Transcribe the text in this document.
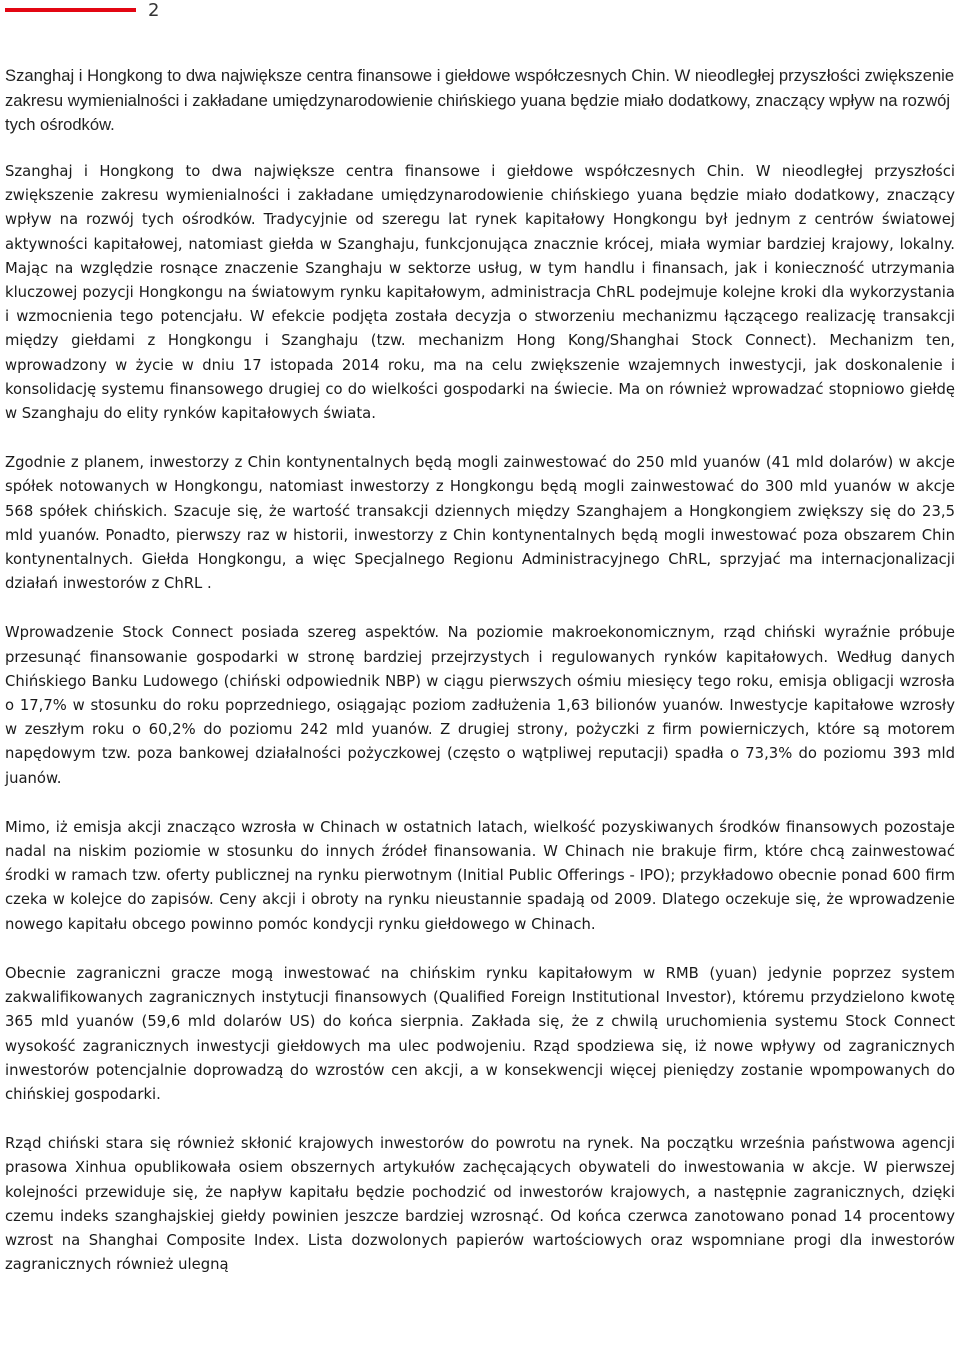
2

Szanghaj i Hongkong to dwa największe centra finansowe i giełdowe współczesnych Chin. W nieodległej przyszłości zwiększenie zakresu wymienialności i zakładane umiędzynarodowienie chińskiego yuana będzie miało dodatkowy, znaczący wpływ na rozwój tych ośrodków.

Szanghaj i Hongkong to dwa największe centra finansowe i giełdowe współczesnych Chin. W nieodległej przyszłości zwiększenie zakresu wymienialności i zakładane umiędzynarodowienie chińskiego yuana będzie miało dodatkowy, znaczący wpływ na rozwój tych ośrodków. Tradycyjnie od szeregu lat rynek kapitałowy Hongkongu był jednym z centrów światowej aktywności kapitałowej, natomiast giełda w Szanghaju, funkcjonująca znacznie krócej, miała wymiar bardziej krajowy, lokalny. Mając na względzie rosnące znaczenie Szanghaju w sektorze usług, w tym handlu i finansach, jak i konieczność utrzymania kluczowej pozycji Hongkongu na światowym rynku kapitałowym, administracja ChRL podejmuje kolejne kroki dla wykorzystania i wzmocnienia tego potencjału. W efekcie podjęta została decyzja o stworzeniu mechanizmu łączącego realizację transakcji między giełdami z Hongkongu i Szanghaju (tzw. mechanizm Hong Kong/Shanghai Stock Connect). Mechanizm ten, wprowadzony w życie w dniu 17 istopada 2014 roku, ma na celu zwiększenie wzajemnych inwestycji, jak doskonalenie i konsolidację systemu finansowego drugiej co do wielkości gospodarki na świecie. Ma on również wprowadzać stopniowo giełdę w Szanghaju do elity rynków kapitałowych świata.

Zgodnie z planem, inwestorzy z Chin kontynentalnych będą mogli zainwestować do 250 mld yuanów (41 mld dolarów) w akcje spółek notowanych w Hongkongu, natomiast inwestorzy z Hongkongu będą mogli zainwestować do 300 mld yuanów w akcje 568 spółek chińskich. Szacuje się, że wartość transakcji dziennych między Szanghajem a Hongkongiem zwiększy się do 23,5 mld yuanów. Ponadto, pierwszy raz w historii, inwestorzy z Chin kontynentalnych będą mogli inwestować poza obszarem Chin kontynentalnych. Giełda Hongkongu, a więc Specjalnego Regionu Administracyjnego ChRL, sprzyjać ma internacjonalizacji działań inwestorów z ChRL .

Wprowadzenie Stock Connect posiada szereg aspektów. Na poziomie makroekonomicznym, rząd chiński wyraźnie próbuje przesunąć finansowanie gospodarki w stronę bardziej przejrzystych i regulowanych rynków kapitałowych. Według danych Chińskiego Banku Ludowego (chiński odpowiednik NBP) w ciągu pierwszych ośmiu miesięcy tego roku, emisja obligacji wzrosła o 17,7% w stosunku do roku poprzedniego, osiągając poziom zadłużenia 1,63 bilionów yuanów. Inwestycje kapitałowe wzrosły w zeszłym roku o 60,2% do poziomu 242 mld yuanów. Z drugiej strony, pożyczki z firm powierniczych, które są motorem napędowym tzw. poza bankowej działalności pożyczkowej (często o wątpliwej reputacji) spadła o 73,3% do poziomu 393 mld juanów.

Mimo, iż emisja akcji znacząco wzrosła w Chinach w ostatnich latach, wielkość pozyskiwanych środków finansowych pozostaje nadal na niskim poziomie w stosunku do innych źródeł finansowania. W Chinach nie brakuje firm, które chcą zainwestować środki w ramach tzw. oferty publicznej na rynku pierwotnym (Initial Public Offerings - IPO); przykładowo obecnie ponad 600 firm czeka w kolejce do zapisów. Ceny akcji i obroty na rynku nieustannie spadają od 2009. Dlatego oczekuje się, że wprowadzenie nowego kapitału obcego powinno pomóc kondycji rynku giełdowego w Chinach.

Obecnie zagraniczni gracze mogą inwestować na chińskim rynku kapitałowym w RMB (yuan) jedynie poprzez system zakwalifikowanych zagranicznych instytucji finansowych (Qualified Foreign Institutional Investor), któremu przydzielono kwotę 365 mld yuanów (59,6 mld dolarów US) do końca sierpnia. Zakłada się, że z chwilą uruchomienia systemu Stock Connect wysokość zagranicznych inwestycji giełdowych ma ulec podwojeniu. Rząd spodziewa się, iż nowe wpływy od zagranicznych inwestorów potencjalnie doprowadzą do wzrostów cen akcji, a w konsekwencji więcej pieniędzy zostanie wpompowanych do chińskiej gospodarki.

Rząd chiński stara się również skłonić krajowych inwestorów do powrotu na rynek. Na początku września państwowa agencji prasowa Xinhua opublikowała osiem obszernych artykułów zachęcających obywateli do inwestowania w akcje. W pierwszej kolejności przewiduje się, że napływ kapitału będzie pochodzić od inwestorów krajowych, a następnie zagranicznych, dzięki czemu indeks szanghajskiej giełdy powinien jeszcze bardziej wzrosnąć. Od końca czerwca zanotowano ponad 14 procentowy wzrost na Shanghai Composite Index. Lista dozwolonych papierów wartościowych oraz wspomniane progi dla inwestorów zagranicznych również ulegną
